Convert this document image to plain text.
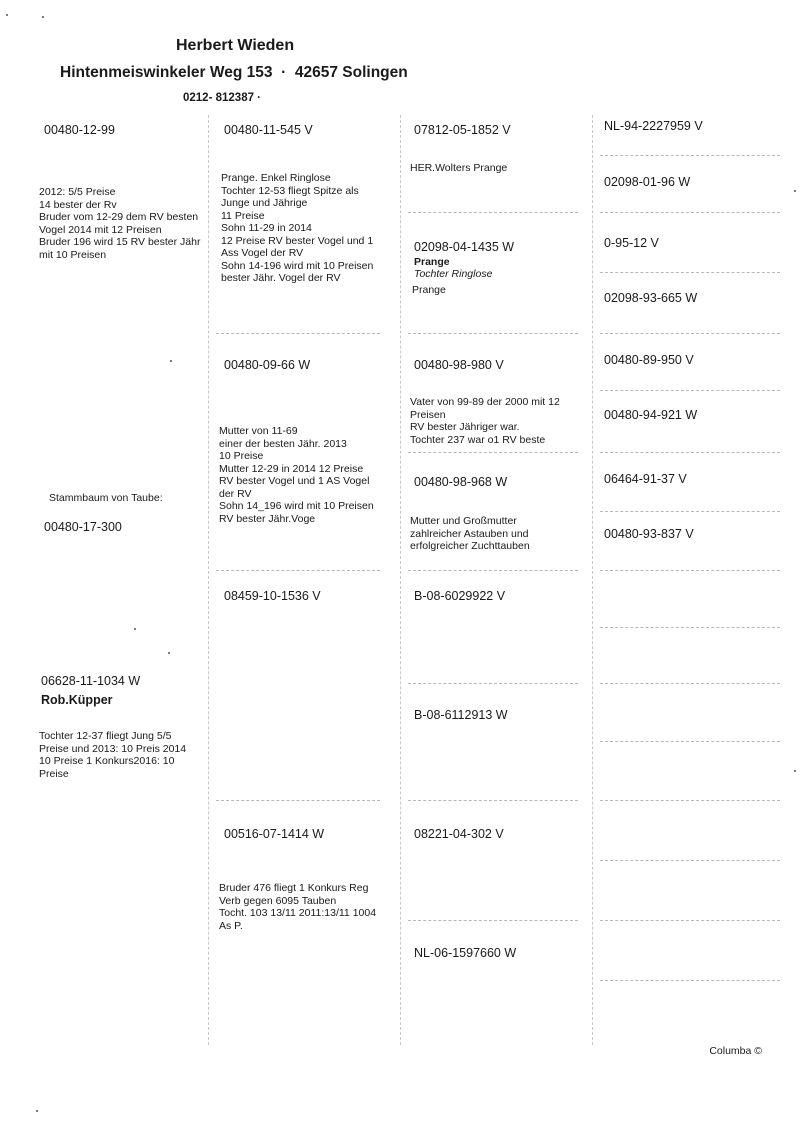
Herbert Wieden
Hintenmeiswinkeler Weg 153  ·  42657 Solingen
0212- 812387 ·
00480-12-99
2012: 5/5 Preise
14 bester der Rv
Bruder vom 12-29 dem RV besten Vogel 2014 mit 12 Preisen
Bruder 196 wird 15 RV bester Jähr mit 10 Preisen
Stammbaum von Taube:
00480-17-300
06628-11-1034 W
Rob.Küpper
Tochter 12-37 fliegt Jung 5/5 Preise und 2013: 10 Preis 2014 10 Preise 1 Konkurs2016: 10 Preise
00480-11-545 V
Prange. Enkel Ringlose
Tochter 12-53 fliegt Spitze als Junge und Jährige
11 Preise
Sohn 11-29 in 2014
12 Preise RV bester Vogel und 1 Ass Vogel der RV
Sohn 14-196 wird mit 10 Preisen bester Jähr. Vogel der RV
00480-09-66 W
Mutter von 11-69
einer der besten Jähr. 2013
10 Preise
Mutter 12-29 in 2014 12 Preise RV bester Vogel und 1 AS Vogel der RV
Sohn 14_196 wird mit 10 Preisen RV bester Jähr.Voge
08459-10-1536 V
00516-07-1414 W
Bruder 476 fliegt 1 Konkurs Reg Verb gegen 6095 Tauben
Tocht. 103 13/11 2011:13/11 1004 As P.
07812-05-1852 V
HER.Wolters Prange
02098-04-1435 W
Prange
Tochter Ringlose
Prange
00480-98-980 V
Vater von 99-89 der 2000 mit 12 Preisen
RV bester Jähriger war.
Tochter 237 war o1 RV beste
00480-98-968 W
Mutter und Großmutter zahlreicher Astauben und erfolgreicher Zuchttauben
B-08-6029922 V
B-08-6112913 W
08221-04-302 V
NL-06-1597660 W
NL-94-2227959 V
02098-01-96 W
0-95-12 V
02098-93-665 W
00480-89-950 V
00480-94-921 W
06464-91-37 V
00480-93-837 V
Columba ©
